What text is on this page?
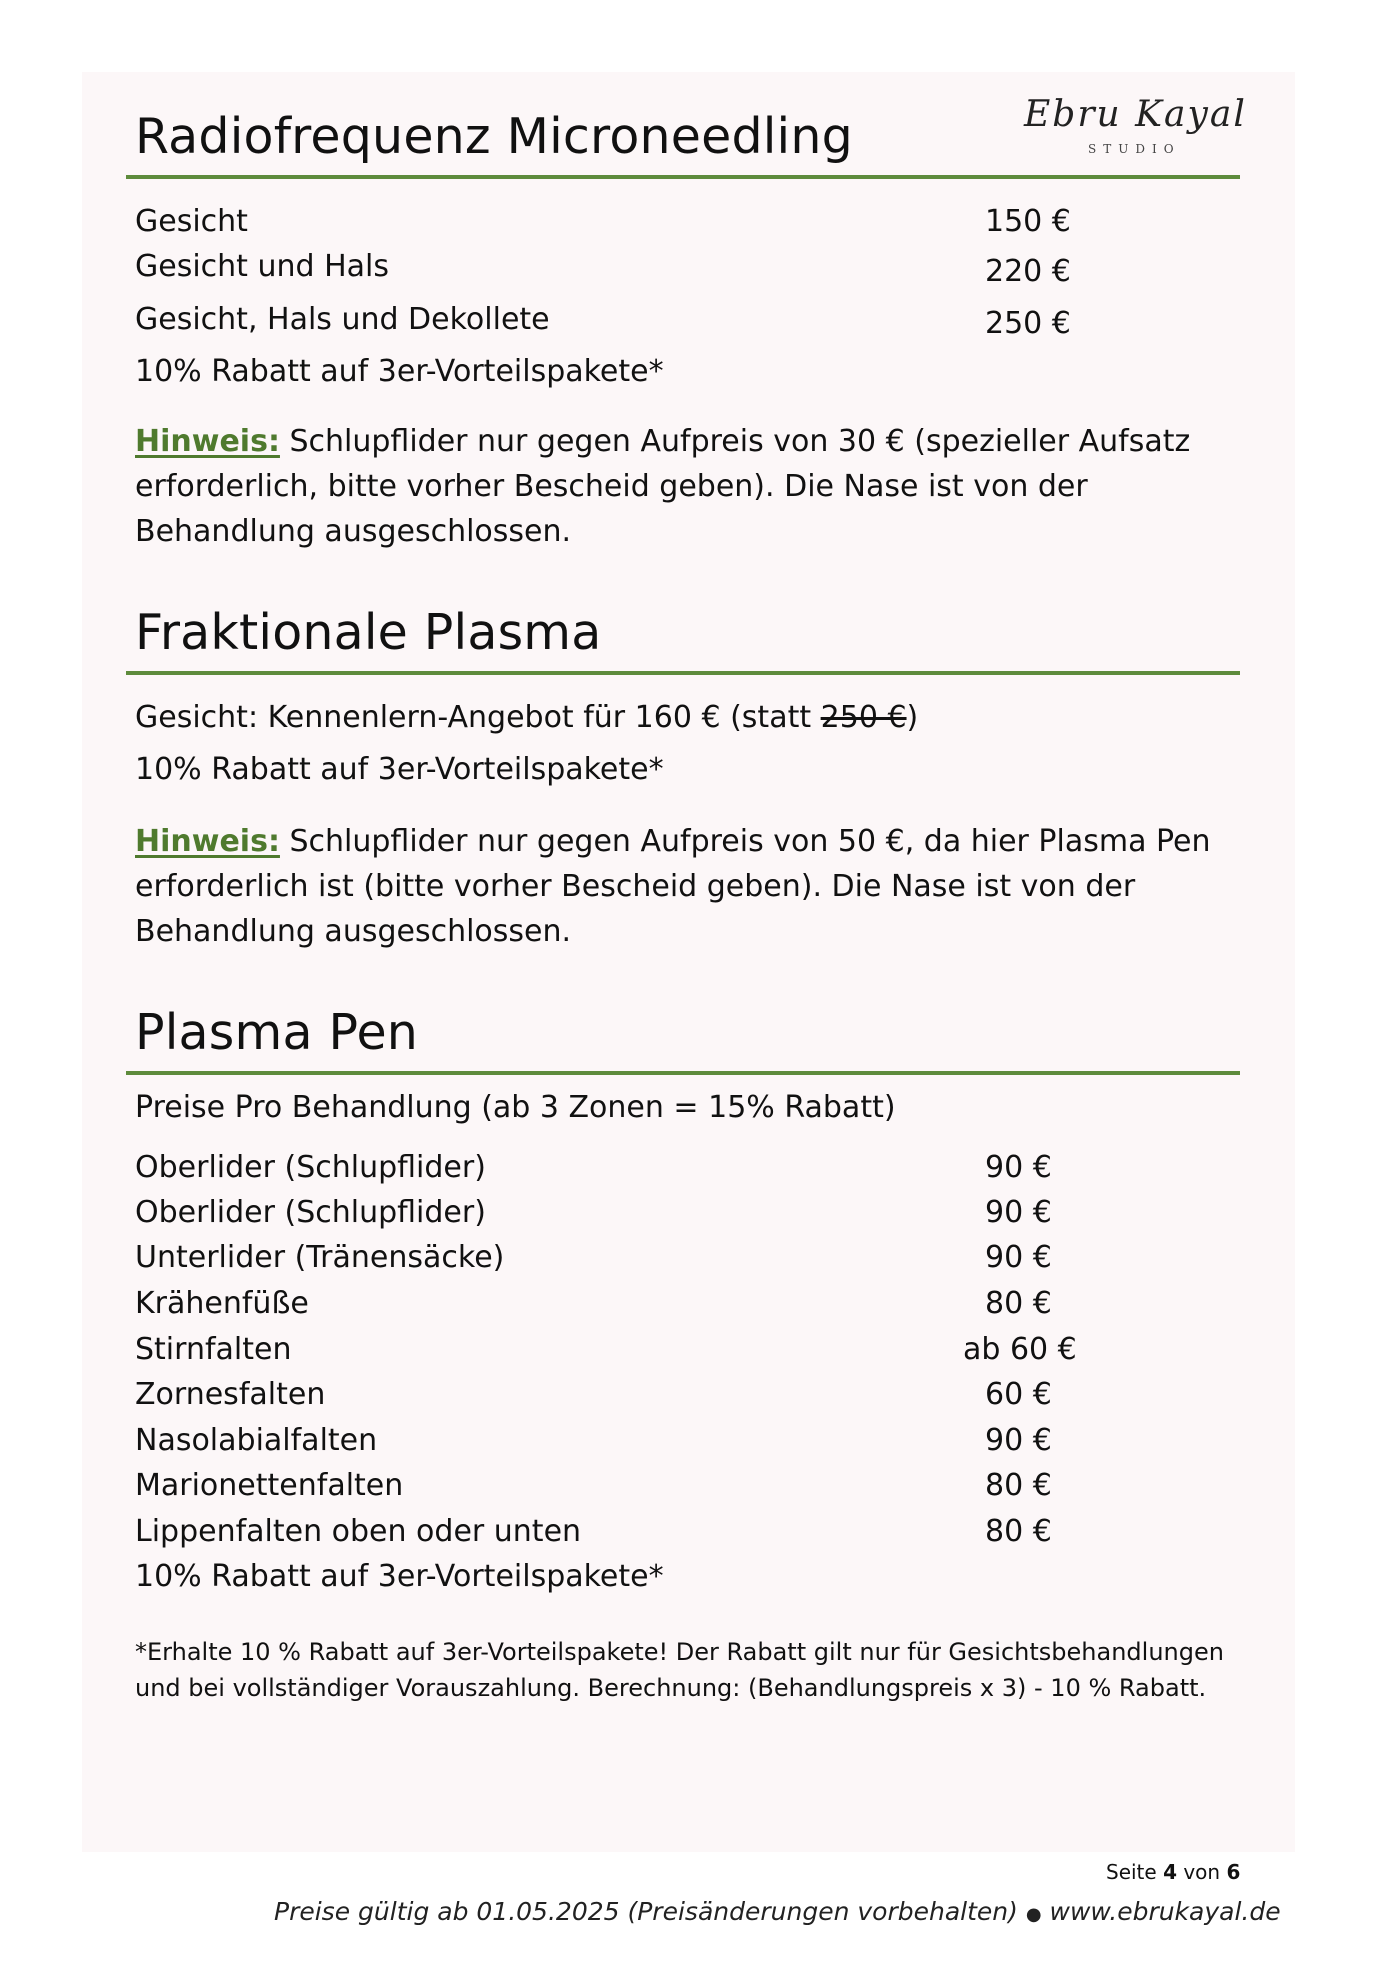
Ebru Kayal
STUDIO
Radiofrequenz Microneedling
Gesicht	150 €
Gesicht und Hals	220 €
Gesicht, Hals und Dekollete	250 €
10% Rabatt auf 3er-Vorteilspakete*
Hinweis: Schlupflider nur gegen Aufpreis von 30 € (spezieller Aufsatz erforderlich, bitte vorher Bescheid geben). Die Nase ist von der Behandlung ausgeschlossen.
Fraktionale Plasma
Gesicht: Kennenlern-Angebot für 160 € (statt 250 €)
10% Rabatt auf 3er-Vorteilspakete*
Hinweis: Schlupflider nur gegen Aufpreis von 50 €, da hier Plasma Pen erforderlich ist (bitte vorher Bescheid geben). Die Nase ist von der Behandlung ausgeschlossen.
Plasma Pen
Preise Pro Behandlung (ab 3 Zonen = 15% Rabatt)
Oberlider (Schlupflider)	90 €
Oberlider (Schlupflider)	90 €
Unterlider (Tränensäcke)	90 €
Krähenfüße	80 €
Stirnfalten	ab 60 €
Zornesfalten	60 €
Nasolabialfalten	90 €
Marionettenfalten	80 €
Lippenfalten oben oder unten	80 €
10% Rabatt auf 3er-Vorteilspakete*
*Erhalte 10 % Rabatt auf 3er-Vorteilspakete! Der Rabatt gilt nur für Gesichtsbehandlungen und bei vollständiger Vorauszahlung. Berechnung: (Behandlungspreis x 3) - 10 % Rabatt.
Seite 4 von 6
Preise gültig ab 01.05.2025 (Preisänderungen vorbehalten) ● www.ebrukayal.de
